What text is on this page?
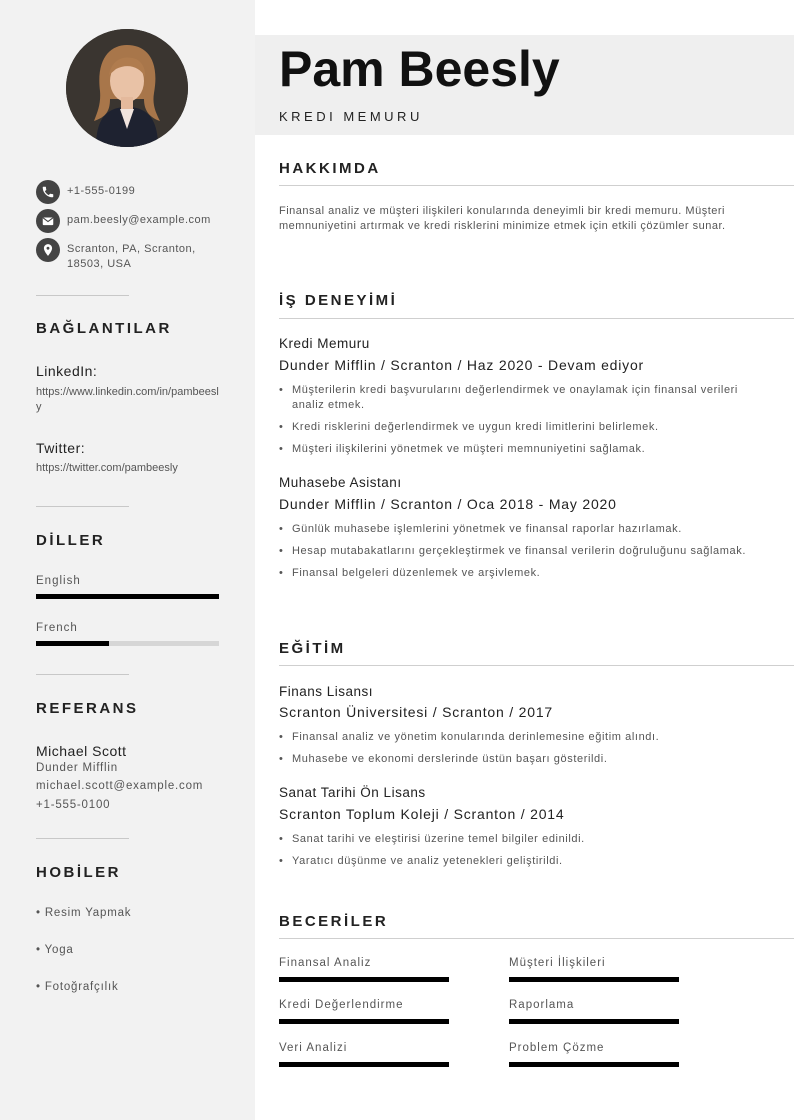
+1-555-0199
pam.beesly@example.com
Scranton, PA, Scranton, 18503, USA
BAĞLANTILAR
LinkedIn:
https://www.linkedin.com/in/pambeesly
Twitter:
https://twitter.com/pambeesly
DİLLER
English
French
REFERANS
Michael Scott
Dunder Mifflin
michael.scott@example.com
+1-555-0100
HOBİLER
• Resim Yapmak
• Yoga
• Fotoğrafçılık
Pam Beesly
KREDI MEMURU
HAKKIMDA
Finansal analiz ve müşteri ilişkileri konularında deneyimli bir kredi memuru. Müşteri memnuniyetini artırmak ve kredi risklerini minimize etmek için etkili çözümler sunar.
İŞ DENEYİMİ
Kredi Memuru
Dunder Mifflin / Scranton / Haz 2020 - Devam ediyor
• Müşterilerin kredi başvurularını değerlendirmek ve onaylamak için finansal verileri analiz etmek.
• Kredi risklerini değerlendirmek ve uygun kredi limitlerini belirlemek.
• Müşteri ilişkilerini yönetmek ve müşteri memnuniyetini sağlamak.
Muhasebe Asistanı
Dunder Mifflin / Scranton / Oca 2018 - May 2020
• Günlük muhasebe işlemlerini yönetmek ve finansal raporlar hazırlamak.
• Hesap mutabakatlarını gerçekleştirmek ve finansal verilerin doğruluğunu sağlamak.
• Finansal belgeleri düzenlemek ve arşivlemek.
EĞİTİM
Finans Lisansı
Scranton Üniversitesi / Scranton / 2017
• Finansal analiz ve yönetim konularında derinlemesine eğitim alındı.
• Muhasebe ve ekonomi derslerinde üstün başarı gösterildi.
Sanat Tarihi Ön Lisans
Scranton Toplum Koleji / Scranton / 2014
• Sanat tarihi ve eleştirisi üzerine temel bilgiler edinildi.
• Yaratıcı düşünme ve analiz yetenekleri geliştirildi.
BECERİLER
Finansal Analiz	Müşteri İlişkileri
Kredi Değerlendirme	Raporlama
Veri Analizi	Problem Çözme
